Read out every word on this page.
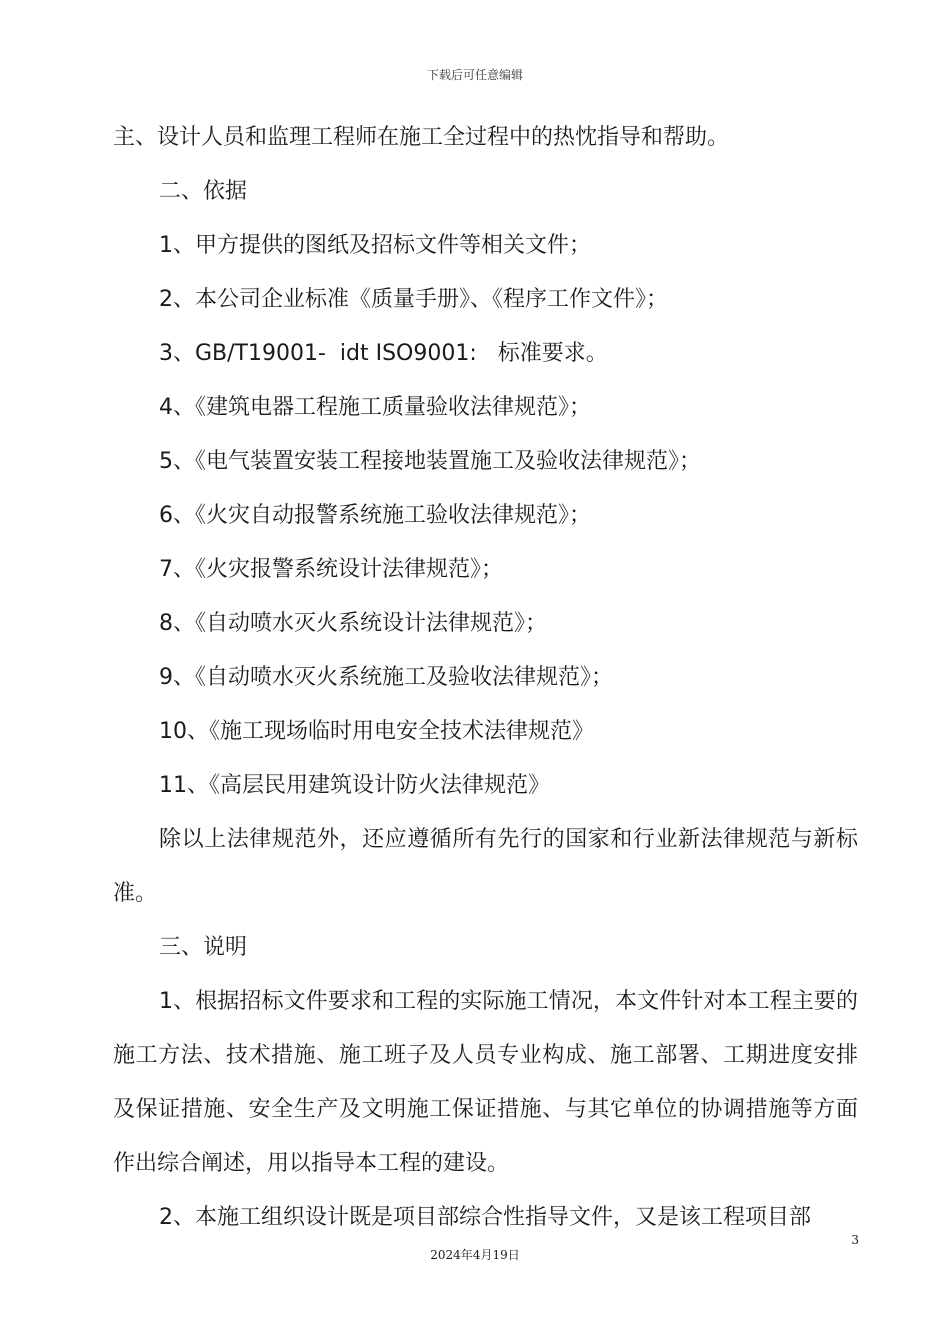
下载后可任意编辑

主、设计人员和监理工程师在施工全过程中的热忱指导和帮助。

二、依据

1、甲方提供的图纸及招标文件等相关文件；

2、本公司企业标准《质量手册》、《程序工作文件》；

3、GB/T19001-  idt ISO9001:   标准要求。

4、《建筑电器工程施工质量验收法律规范》；

5、《电气装置安装工程接地装置施工及验收法律规范》；

6、《火灾自动报警系统施工验收法律规范》；

7、《火灾报警系统设计法律规范》；

8、《自动喷水灭火系统设计法律规范》；

9、《自动喷水灭火系统施工及验收法律规范》；

10、《施工现场临时用电安全技术法律规范》

11、《高层民用建筑设计防火法律规范》

除以上法律规范外，还应遵循所有先行的国家和行业新法律规范与新标准。

三、说明

1、根据招标文件要求和工程的实际施工情况，本文件针对本工程主要的施工方法、技术措施、施工班子及人员专业构成、施工部署、工期进度安排及保证措施、安全生产及文明施工保证措施、与其它单位的协调措施等方面作出综合阐述，用以指导本工程的建设。

2、本施工组织设计既是项目部综合性指导文件，又是该工程项目部

3
2024年4月19日
